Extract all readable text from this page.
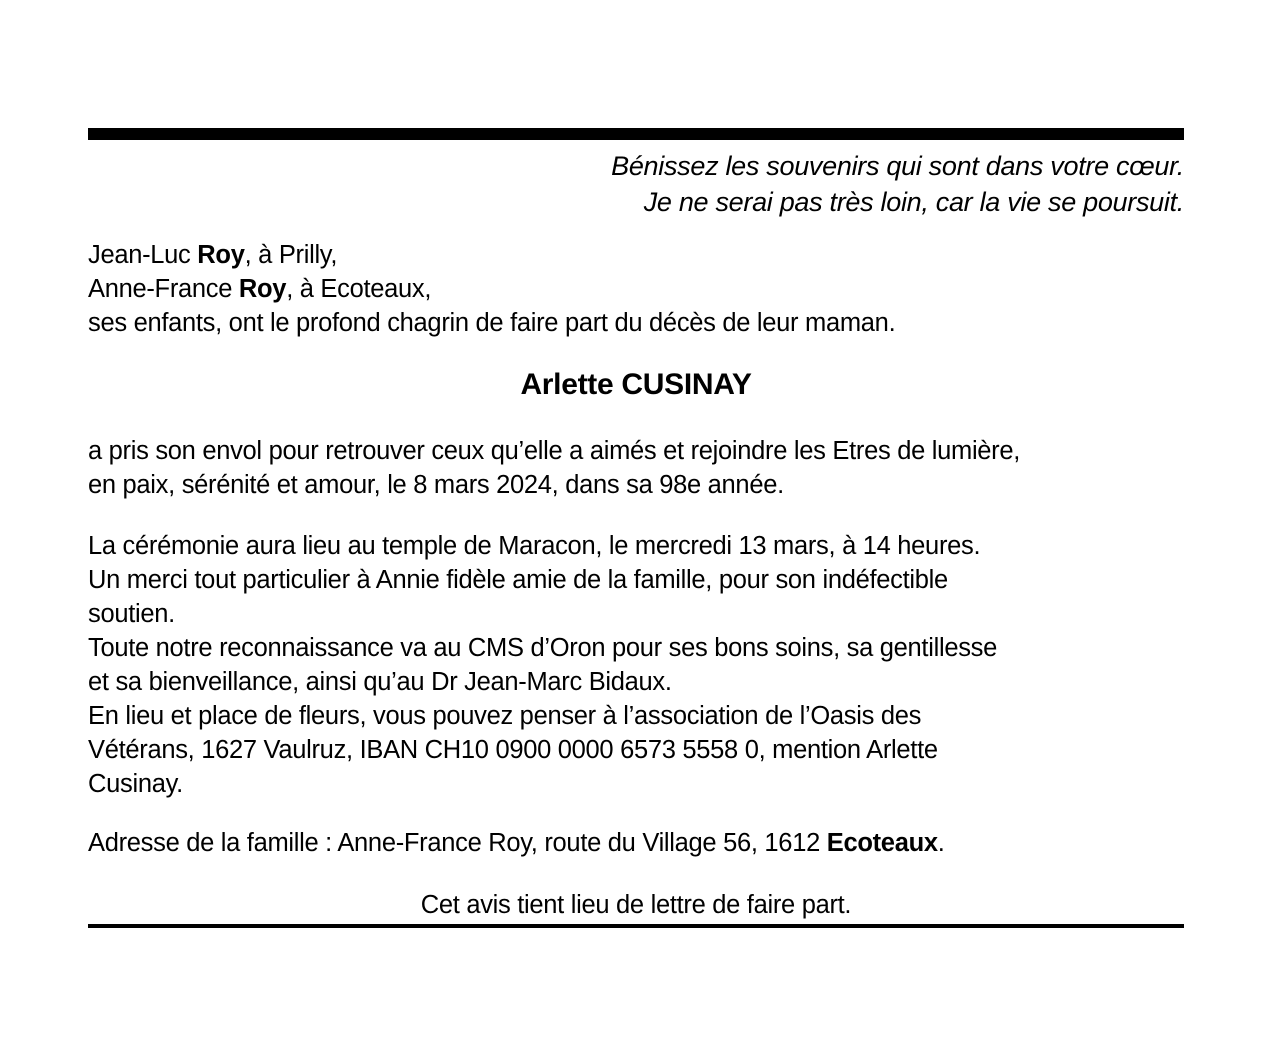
Bénissez les souvenirs qui sont dans votre cœur.
Je ne serai pas très loin, car la vie se poursuit.
Jean-Luc Roy, à Prilly,
Anne-France Roy, à Ecoteaux,
ses enfants, ont le profond chagrin de faire part du décès de leur maman.
Arlette CUSINAY
a pris son envol pour retrouver ceux qu’elle a aimés et rejoindre les Etres de lumière,
en paix, sérénité et amour, le 8 mars 2024, dans sa 98e année.
La cérémonie aura lieu au temple de Maracon, le mercredi 13 mars, à 14 heures.
Un merci tout particulier à Annie fidèle amie de la famille, pour son indéfectible
soutien.
Toute notre reconnaissance va au CMS d’Oron pour ses bons soins, sa gentillesse
et sa bienveillance, ainsi qu’au Dr Jean-Marc Bidaux.
En lieu et place de fleurs, vous pouvez penser à l’association de l’Oasis des
Vétérans, 1627 Vaulruz, IBAN CH10 0900 0000 6573 5558 0, mention Arlette
Cusinay.
Adresse de la famille : Anne-France Roy, route du Village 56, 1612 Ecoteaux.
Cet avis tient lieu de lettre de faire part.
